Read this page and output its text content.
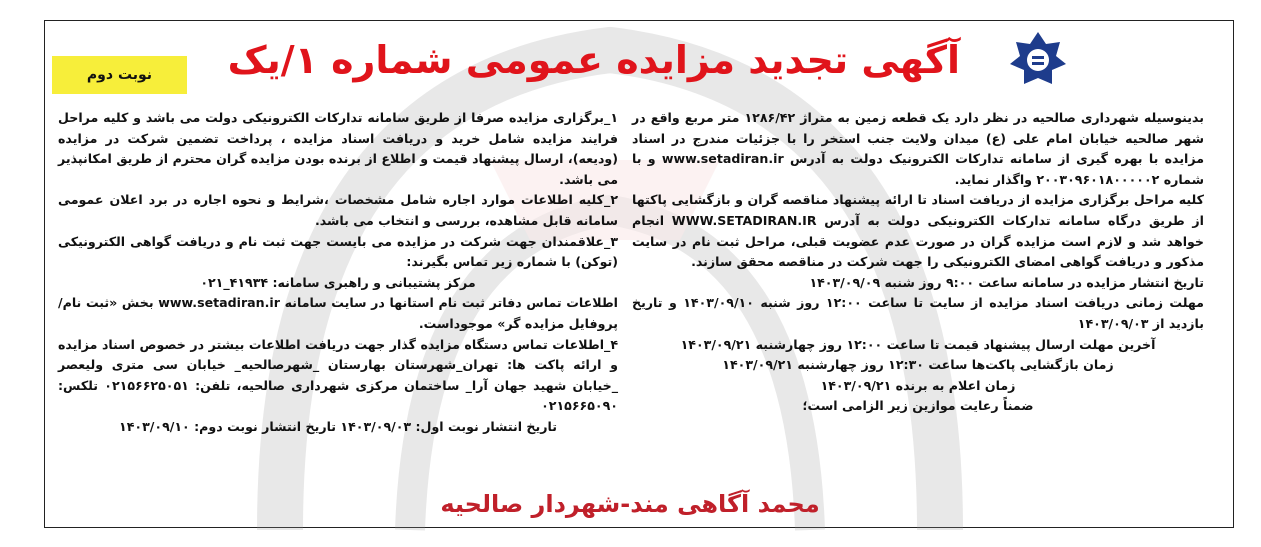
آگهی تجدید مزایده عمومی شماره ۱/یک
نوبت دوم

بدینوسیله شهرداری صالحیه در نظر دارد یک قطعه زمین به متراژ ۱۲۸۶/۴۲ متر مربع واقع در شهر صالحیه خیابان امام علی (ع) میدان ولایت جنب استخر را با جزئیات مندرج در اسناد مزایده با بهره گیری از سامانه تدارکات الکترونیک دولت به آدرس www.setadiran.ir و با شماره ۲۰۰۳۰۹۶۰۱۸۰۰۰۰۰۲ واگذار نماید.

کلیه مراحل برگزاری مزایده از دریافت اسناد تا ارائه پیشنهاد مناقصه گران و بازگشایی پاکتها از طریق درگاه سامانه تدارکات الکترونیکی دولت به آدرس WWW.SETADIRAN.IR انجام خواهد شد و لازم است مزایده گران در صورت عدم عضویت قبلی، مراحل ثبت نام در سایت مذکور و دریافت گواهی امضای الکترونیکی را جهت شرکت در مناقصه محقق سازند.

تاریخ انتشار مزایده در سامانه ساعت ۹:۰۰ روز شنبه ۱۴۰۳/۰۹/۰۹

مهلت زمانی دریافت اسناد مزایده از سایت تا ساعت ۱۲:۰۰ روز شنبه ۱۴۰۳/۰۹/۱۰ و تاریخ بازدید از ۱۴۰۳/۰۹/۰۳

آخرین مهلت ارسال پیشنهاد قیمت تا ساعت ۱۲:۰۰ روز چهارشنبه ۱۴۰۳/۰۹/۲۱

زمان بازگشایی پاکت‌ها ساعت ۱۲:۳۰ روز چهارشنبه ۱۴۰۳/۰۹/۲۱

زمان اعلام به برنده ۱۴۰۳/۰۹/۲۱

ضمناً رعایت موازین زیر الزامی است؛

۱_برگزاری مزایده صرفا از طریق سامانه تدارکات الکترونیکی دولت می باشد و کلیه مراحل فرایند مزایده شامل خرید و دریافت اسناد مزایده ، پرداخت تضمین شرکت در مزایده (ودیعه)، ارسال پیشنهاد قیمت و اطلاع از برنده بودن مزایده گران محترم از طریق امکانپذیر می باشد.

۲_کلیه اطلاعات موارد اجاره شامل مشخصات ،شرایط و نحوه اجاره در برد اعلان عمومی سامانه قابل مشاهده، بررسی و انتخاب می باشد.

۳_علاقمندان جهت شرکت در مزایده می بایست جهت ثبت نام و دریافت گواهی الکترونیکی (توکن) با شماره زیر تماس بگیرند:

مرکز پشتیبانی و راهبری سامانه: ۴۱۹۳۴_۰۲۱

اطلاعات تماس دفاتر ثبت نام استانها در سایت سامانه www.setadiran.ir بخش «ثبت نام/پروفایل مزایده گر» موجوداست.

۴_اطلاعات تماس دستگاه مزایده گذار جهت دریافت اطلاعات بیشتر در خصوص اسناد مزایده و ارائه پاکت ها: تهران_شهرستان بهارستان _شهرصالحیه_ خیابان سی متری ولیعصر _خیابان شهید جهان آرا_ ساختمان مرکزی شهرداری صالحیه، تلفن: ۰۲۱۵۶۶۲۵۰۵۱ تلکس: ۰۲۱۵۶۶۵۰۹۰

تاریخ انتشار نوبت اول: ۱۴۰۳/۰۹/۰۳ تاریخ انتشار نوبت دوم: ۱۴۰۳/۰۹/۱۰

محمد آگاهی مند-شهردار صالحیه
